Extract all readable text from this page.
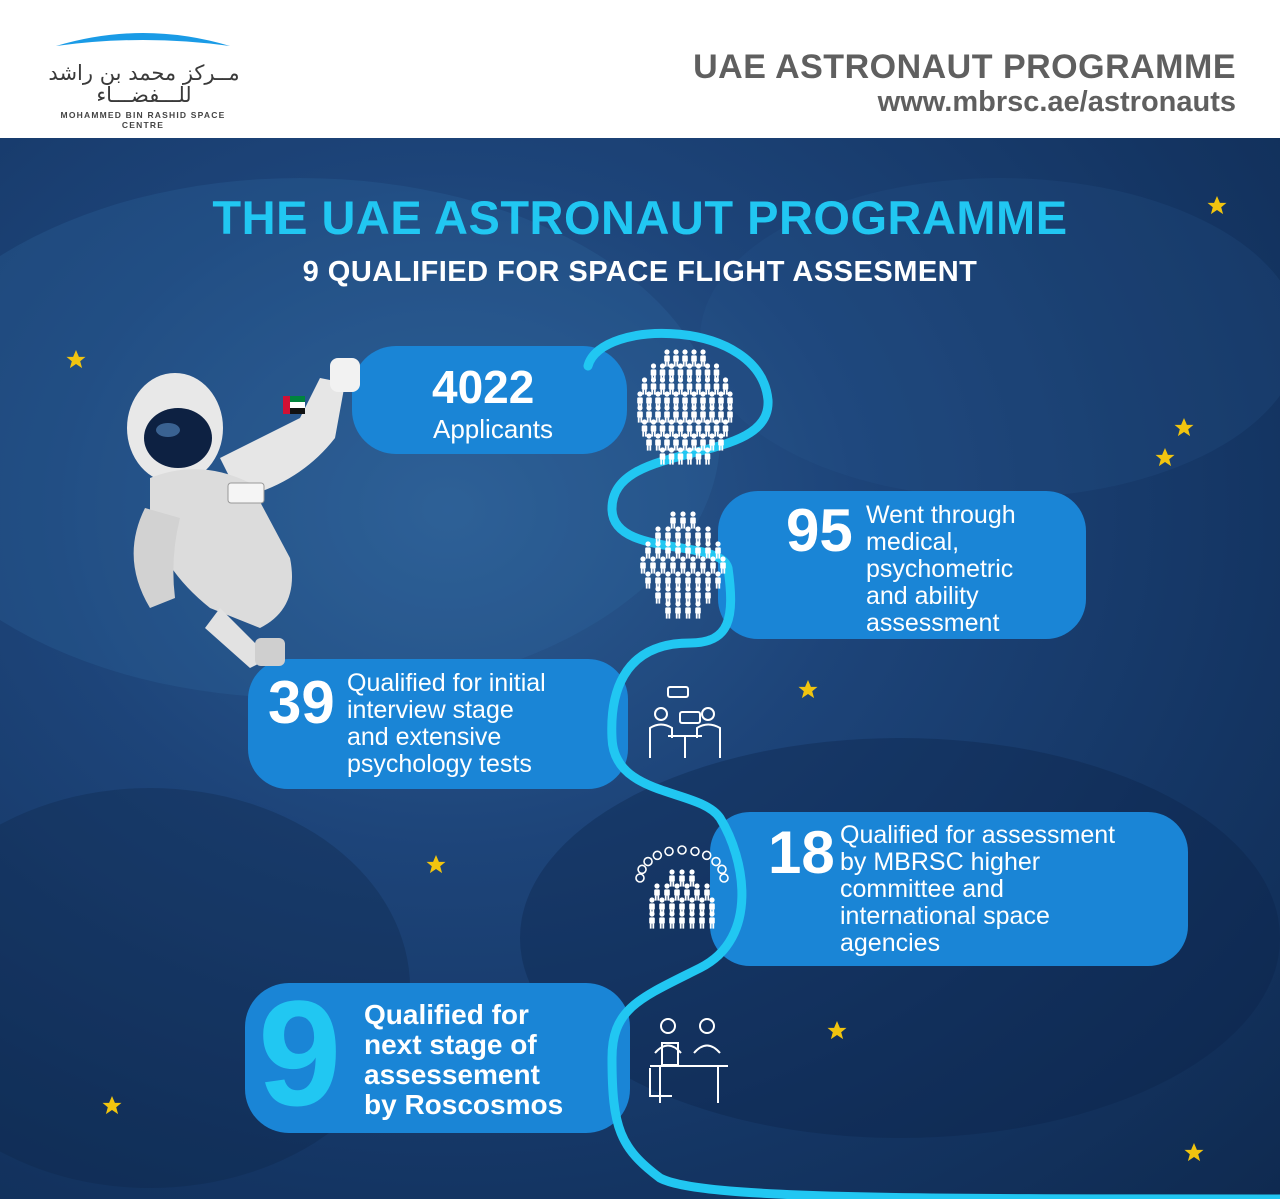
مــركز محمد بن راشد
للـــفضـــاء
MOHAMMED BIN RASHID SPACE CENTRE
UAE ASTRONAUT PROGRAMME
www.mbrsc.ae/astronauts
THE UAE ASTRONAUT PROGRAMME
9 QUALIFIED FOR SPACE FLIGHT ASSESMENT
4022
Applicants
95 Went through
medical,
psychometric
and ability
assessment
39 Qualified for initial
interview stage
and extensive
psychology tests
18 Qualified for assessment
by MBRSC higher
committee and
international space
agencies
9 Qualified for
next stage of
assessement
by Roscosmos
